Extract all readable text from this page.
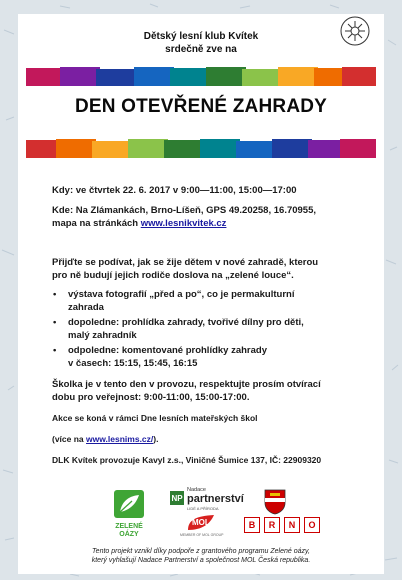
Dětský lesní klub Kvítek
srdečně zve na
DEN OTEVŘENÉ ZAHRADY
Kdy: ve čtvrtek 22. 6. 2017 v 9:00—11:00, 15:00—17:00
Kde: Na Zlámankách, Brno-Líšeň, GPS 49.20258, 16.70955,
mapa na stránkách www.lesnikvitek.cz
Přijďte se podívat, jak se žije dětem v nové zahradě, kterou
pro ně budují jejich rodiče doslova na „zelené louce“.
• výstava fotografií „před a po“, co je permakulturní
zahrada
• dopoledne: prohlídka zahrady, tvořivé dílny pro děti,
malý zahradník
• odpoledne: komentované prohlídky zahrady
v časech: 15:15, 15:45, 16:15
Školka je v tento den v provozu, respektujte prosím otvírací
dobu pro veřejnost: 9:00-11:00, 15:00-17:00.
Akce se koná v rámci Dne lesních mateřských škol
(více na www.lesnims.cz/).
DLK Kvítek provozuje Kavyl z.s., Viničné Šumice 137, IČ: 22909320
ZELENÉ
OÁZY
NP
Nadace
partnerství
LIDÉ A PŘÍRODA
MOL
MEMBER OF MOL GROUP
B	R	N	O
Tento projekt vznikl díky podpoře z grantového programu Zelené oázy,
který vyhlašují Nadace Partnerství a společnost MOL Česká republika.
